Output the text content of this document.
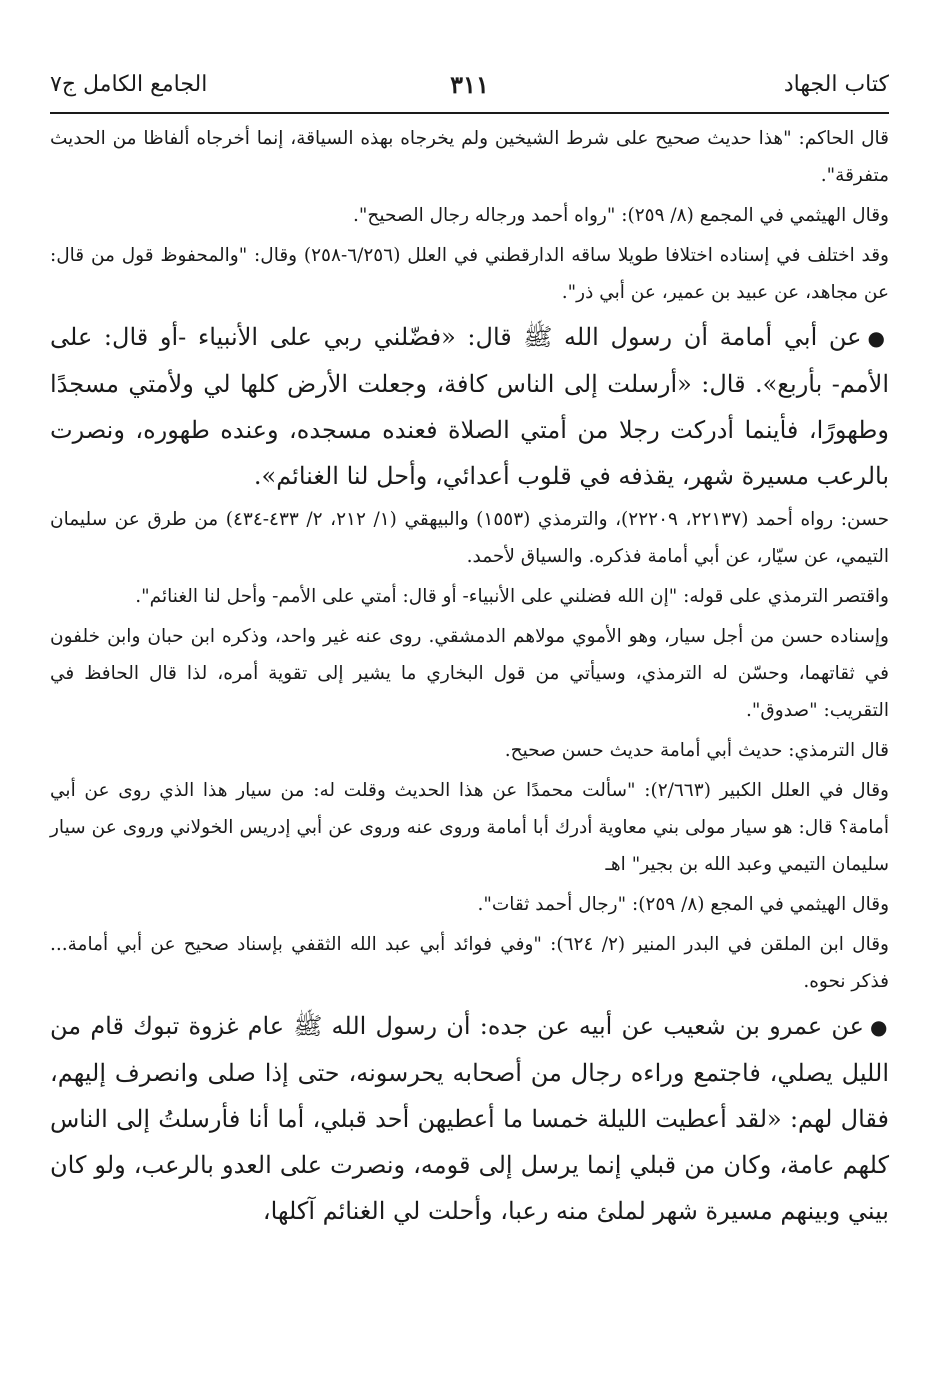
كتاب الجهاد
٣١١
الجامع الكامل ج٧

قال الحاكم: "هذا حديث صحيح على شرط الشيخين ولم يخرجاه بهذه السياقة، إنما أخرجاه ألفاظا من الحديث متفرقة".

وقال الهيثمي في المجمع (٨/ ٢٥٩): "رواه أحمد ورجاله رجال الصحيح".

وقد اختلف في إسناده اختلافا طويلا ساقه الدارقطني في العلل (٦/٢٥٦-٢٥٨) وقال: "والمحفوظ قول من قال: عن مجاهد، عن عبيد بن عمير، عن أبي ذر".

●عن أبي أمامة أن رسول الله ﷺ قال: «فضّلني ربي على الأنبياء -أو قال: على الأمم- بأربع». قال: «أرسلت إلى الناس كافة، وجعلت الأرض كلها لي ولأمتي مسجدًا وطهورًا، فأينما أدركت رجلا من أمتي الصلاة فعنده مسجده، وعنده طهوره، ونصرت بالرعب مسيرة شهر، يقذفه في قلوب أعدائي، وأحل لنا الغنائم».

حسن: رواه أحمد (٢٢١٣٧، ٢٢٢٠٩)، والترمذي (١٥٥٣) والبيهقي (١/ ٢١٢، ٢/ ٤٣٣-٤٣٤) من طرق عن سليمان التيمي، عن سيّار، عن أبي أمامة فذكره. والسياق لأحمد.

واقتصر الترمذي على قوله: "إن الله فضلني على الأنبياء- أو قال: أمتي على الأمم- وأحل لنا الغنائم".

وإسناده حسن من أجل سيار، وهو الأموي مولاهم الدمشقي. روى عنه غير واحد، وذكره ابن حبان وابن خلفون في ثقاتهما، وحسّن له الترمذي، وسيأتي من قول البخاري ما يشير إلى تقوية أمره، لذا قال الحافظ في التقريب: "صدوق".

قال الترمذي: حديث أبي أمامة حديث حسن صحيح.

وقال في العلل الكبير (٢/٦٦٣): "سألت محمدًا عن هذا الحديث وقلت له: من سيار هذا الذي روى عن أبي أمامة؟ قال: هو سيار مولى بني معاوية أدرك أبا أمامة وروى عنه وروى عن أبي إدريس الخولاني وروى عن سيار سليمان التيمي وعبد الله بن بجير" اهـ

وقال الهيثمي في المجع (٨/ ٢٥٩): "رجال أحمد ثقات".

وقال ابن الملقن في البدر المنير (٢/ ٦٢٤): "وفي فوائد أبي عبد الله الثقفي بإسناد صحيح عن أبي أمامة... فذكر نحوه.

●عن عمرو بن شعيب عن أبيه عن جده: أن رسول الله ﷺ عام غزوة تبوك قام من الليل يصلي، فاجتمع وراءه رجال من أصحابه يحرسونه، حتى إذا صلى وانصرف إليهم، فقال لهم: «لقد أعطيت الليلة خمسا ما أعطيهن أحد قبلي، أما أنا فأرسلتُ إلى الناس كلهم عامة، وكان من قبلي إنما يرسل إلى قومه، ونصرت على العدو بالرعب، ولو كان بيني وبينهم مسيرة شهر لملئ منه رعبا، وأحلت لي الغنائم آكلها،
